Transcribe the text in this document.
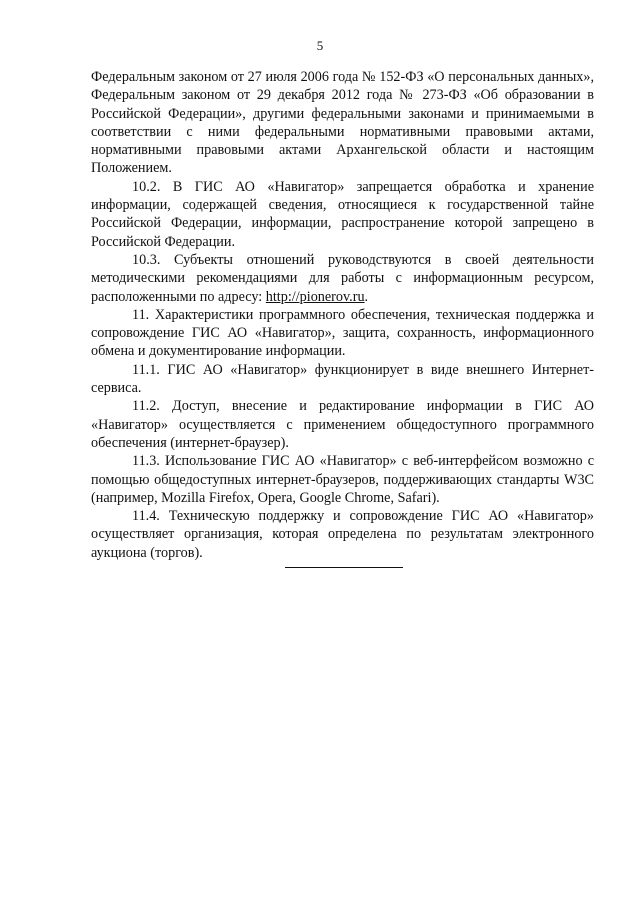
5

Федеральным законом от 27 июля 2006 года № 152-ФЗ «О персональных данных», Федеральным законом от 29 декабря 2012 года № 273-ФЗ «Об образовании в Российской Федерации», другими федеральными законами и принимаемыми в соответствии с ними федеральными нормативными правовыми актами, нормативными правовыми актами Архангельской области и настоящим Положением.

10.2. В ГИС АО «Навигатор» запрещается обработка и хранение информации, содержащей сведения, относящиеся к государственной тайне Российской Федерации, информации, распространение которой запрещено в Российской Федерации.

10.3. Субъекты отношений руководствуются в своей деятельности методическими рекомендациями для работы с информационным ресурсом, расположенными по адресу: http://pionerov.ru.

11. Характеристики программного обеспечения, техническая поддержка и сопровождение ГИС АО «Навигатор», защита, сохранность, информационного обмена и документирование информации.

11.1. ГИС АО «Навигатор» функционирует в виде внешнего Интернет-сервиса.

11.2. Доступ, внесение и редактирование информации в ГИС АО «Навигатор» осуществляется с применением общедоступного программного обеспечения (интернет-браузер).

11.3. Использование ГИС АО «Навигатор» с веб-интерфейсом возможно с помощью общедоступных интернет-браузеров, поддерживающих стандарты W3C (например, Mozilla Firefox, Opera, Google Chrome, Safari).

11.4. Техническую поддержку и сопровождение ГИС АО «Навигатор» осуществляет организация, которая определена по результатам электронного аукциона (торгов).
